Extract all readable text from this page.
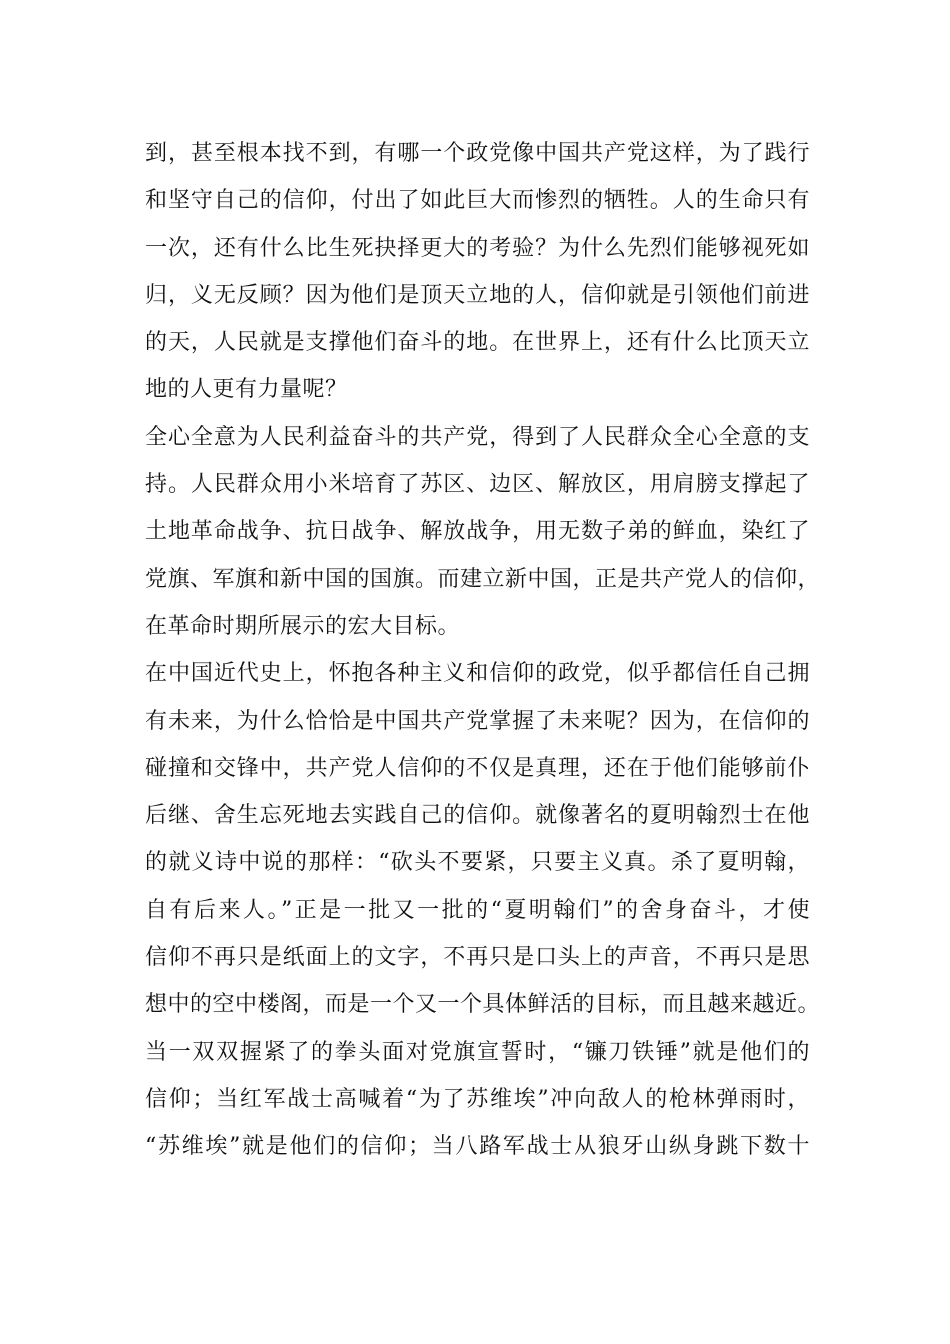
到，甚至根本找不到，有哪一个政党像中国共产党这样，为了践行
和坚守自己的信仰，付出了如此巨大而惨烈的牺牲。人的生命只有
一次，还有什么比生死抉择更大的考验？为什么先烈们能够视死如
归，义无反顾？因为他们是顶天立地的人，信仰就是引领他们前进
的天，人民就是支撑他们奋斗的地。在世界上，还有什么比顶天立
地的人更有力量呢？
全心全意为人民利益奋斗的共产党，得到了人民群众全心全意的支
持。人民群众用小米培育了苏区、边区、解放区，用肩膀支撑起了
土地革命战争、抗日战争、解放战争，用无数子弟的鲜血，染红了
党旗、军旗和新中国的国旗。而建立新中国，正是共产党人的信仰，
在革命时期所展示的宏大目标。
在中国近代史上，怀抱各种主义和信仰的政党，似乎都信任自己拥
有未来，为什么恰恰是中国共产党掌握了未来呢？因为，在信仰的
碰撞和交锋中，共产党人信仰的不仅是真理，还在于他们能够前仆
后继、舍生忘死地去实践自己的信仰。就像著名的夏明翰烈士在他
的就义诗中说的那样：“砍头不要紧，只要主义真。杀了夏明翰，
自有后来人。”正是一批又一批的“夏明翰们”的舍身奋斗，才使
信仰不再只是纸面上的文字，不再只是口头上的声音，不再只是思
想中的空中楼阁，而是一个又一个具体鲜活的目标，而且越来越近。
当一双双握紧了的拳头面对党旗宣誓时，“镰刀铁锤”就是他们的
信仰；当红军战士高喊着“为了苏维埃”冲向敌人的枪林弹雨时，
“苏维埃”就是他们的信仰；当八路军战士从狼牙山纵身跳下数十
